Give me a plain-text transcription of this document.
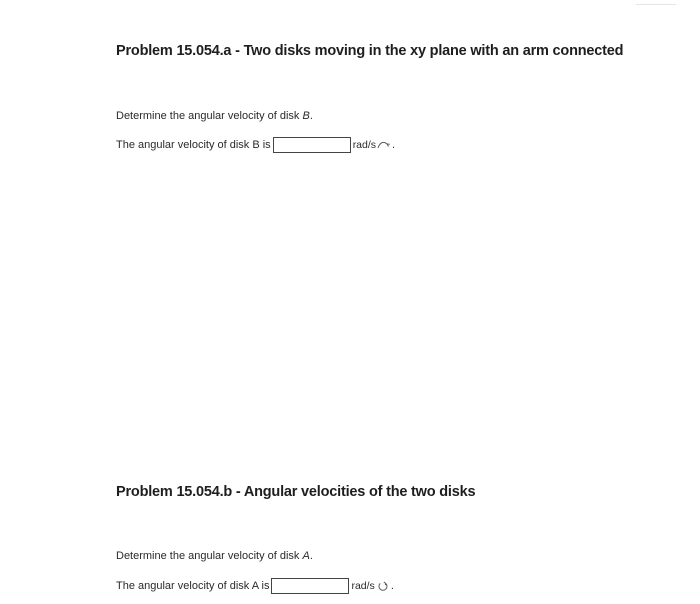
Problem 15.054.a - Two disks moving in the xy plane with an arm connected

Determine the angular velocity of disk B.

The angular velocity of disk B is	rad/s .
Problem 15.054.b - Angular velocities of the two disks

Determine the angular velocity of disk A.

The angular velocity of disk A is	rad/s .
